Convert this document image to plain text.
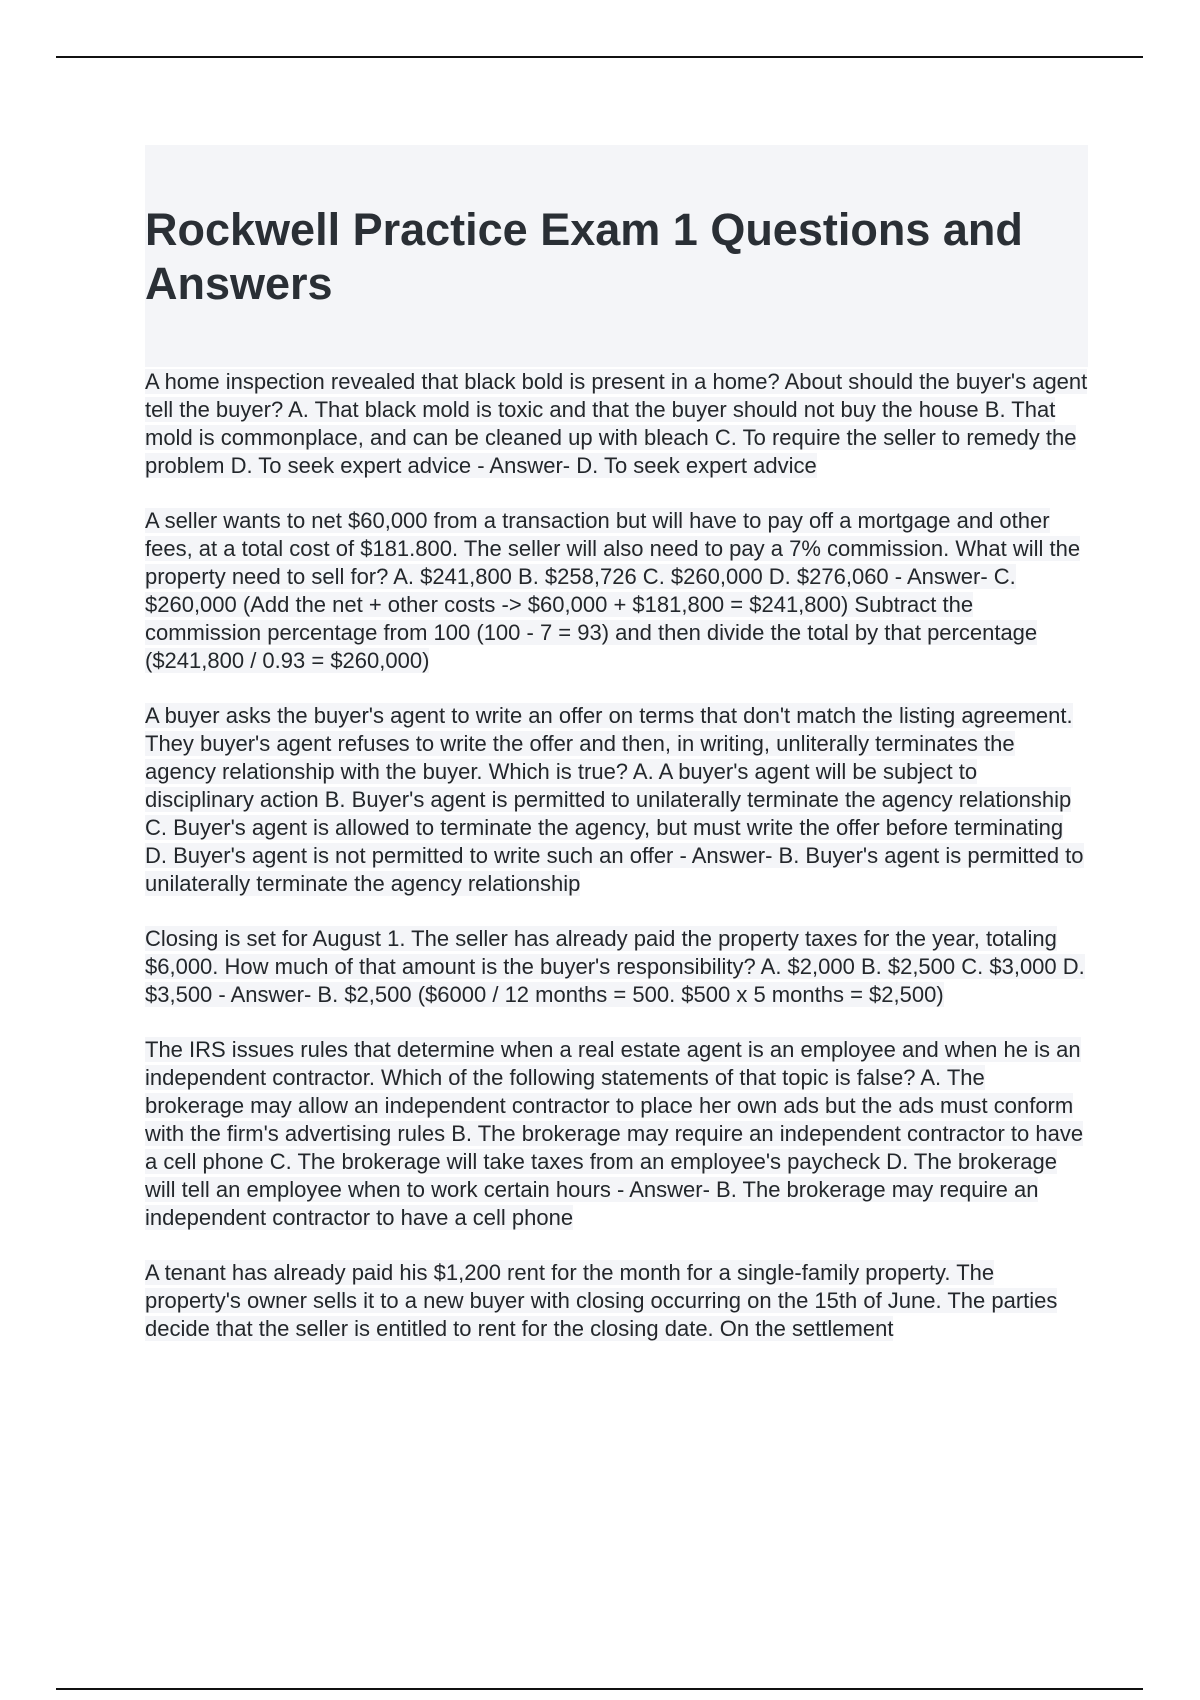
Rockwell Practice Exam 1 Questions and Answers
A home inspection revealed that black bold is present in a home? About should the buyer's agent tell the buyer? A. That black mold is toxic and that the buyer should not buy the house B. That mold is commonplace, and can be cleaned up with bleach C. To require the seller to remedy the problem D. To seek expert advice - Answer- D. To seek expert advice
A seller wants to net $60,000 from a transaction but will have to pay off a mortgage and other fees, at a total cost of $181.800. The seller will also need to pay a 7% commission. What will the property need to sell for? A. $241,800 B. $258,726 C. $260,000 D. $276,060 - Answer- C. $260,000 (Add the net + other costs -> $60,000 + $181,800 = $241,800) Subtract the commission percentage from 100 (100 - 7 = 93) and then divide the total by that percentage ($241,800 / 0.93 = $260,000)
A buyer asks the buyer's agent to write an offer on terms that don't match the listing agreement. They buyer's agent refuses to write the offer and then, in writing, unliterally terminates the agency relationship with the buyer. Which is true? A. A buyer's agent will be subject to disciplinary action B. Buyer's agent is permitted to unilaterally terminate the agency relationship C. Buyer's agent is allowed to terminate the agency, but must write the offer before terminating D. Buyer's agent is not permitted to write such an offer - Answer- B. Buyer's agent is permitted to unilaterally terminate the agency relationship
Closing is set for August 1. The seller has already paid the property taxes for the year, totaling $6,000. How much of that amount is the buyer's responsibility? A. $2,000 B. $2,500 C. $3,000 D. $3,500 - Answer- B. $2,500 ($6000 / 12 months = 500. $500 x 5 months = $2,500)
The IRS issues rules that determine when a real estate agent is an employee and when he is an independent contractor. Which of the following statements of that topic is false? A. The brokerage may allow an independent contractor to place her own ads but the ads must conform with the firm's advertising rules B. The brokerage may require an independent contractor to have a cell phone C. The brokerage will take taxes from an employee's paycheck D. The brokerage will tell an employee when to work certain hours - Answer- B. The brokerage may require an independent contractor to have a cell phone
A tenant has already paid his $1,200 rent for the month for a single-family property. The property's owner sells it to a new buyer with closing occurring on the 15th of June. The parties decide that the seller is entitled to rent for the closing date. On the settlement
